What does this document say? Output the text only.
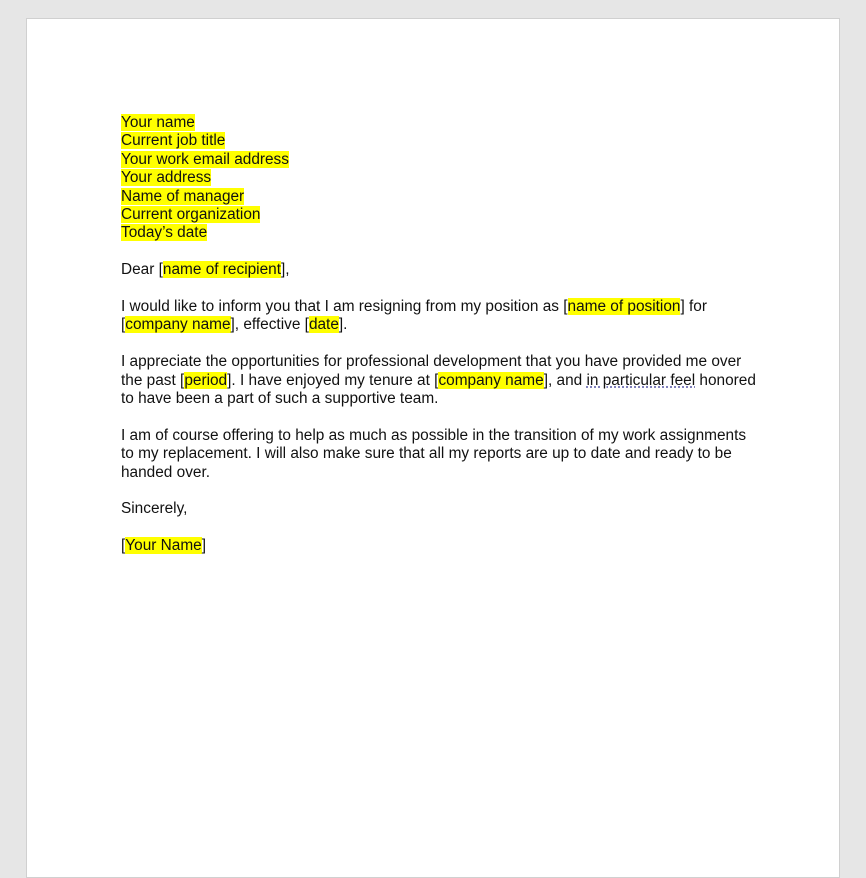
Your name
Current job title
Your work email address
Your address
Name of manager
Current organization
Today’s date

Dear [name of recipient],

I would like to inform you that I am resigning from my position as [name of position] for [company name], effective [date].

I appreciate the opportunities for professional development that you have provided me over the past [period]. I have enjoyed my tenure at [company name], and in particular feel honored to have been a part of such a supportive team.

I am of course offering to help as much as possible in the transition of my work assignments to my replacement. I will also make sure that all my reports are up to date and ready to be handed over.

Sincerely,

[Your Name]
